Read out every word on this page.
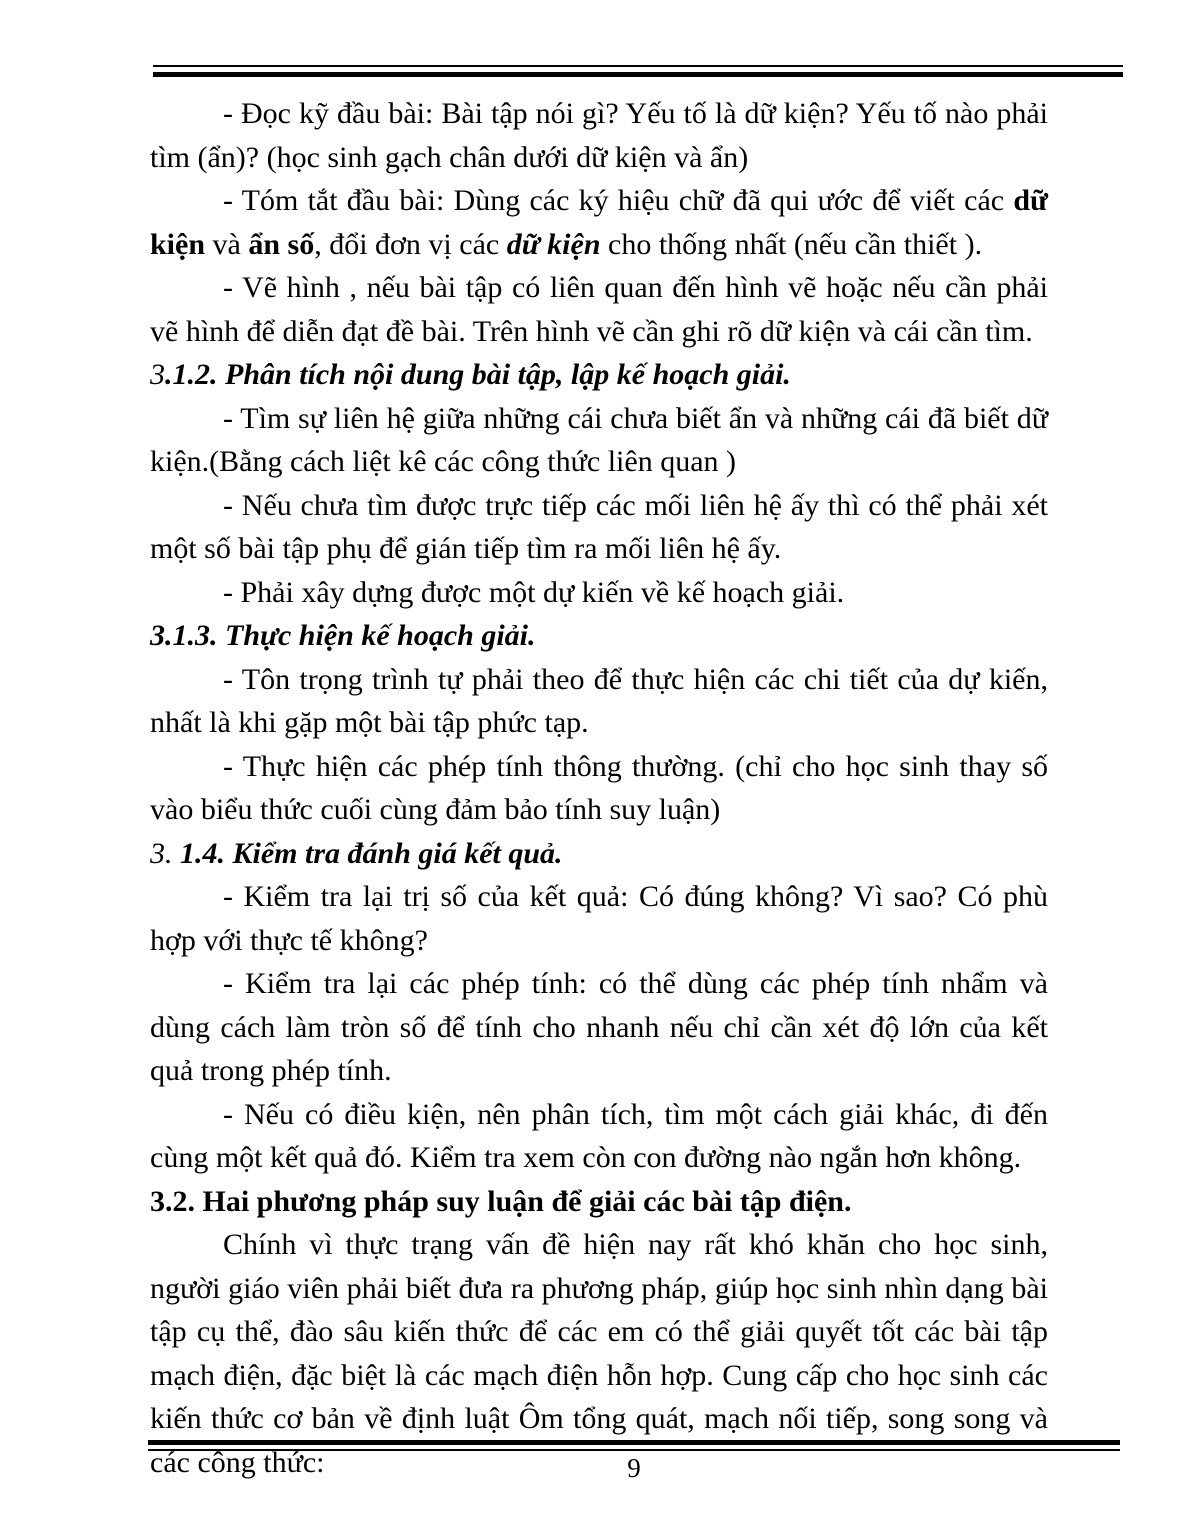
- Đọc kỹ đầu bài: Bài tập nói gì? Yếu tố là dữ kiện? Yếu tố nào phải tìm (ẩn)? (học sinh gạch chân dưới dữ kiện và ẩn)

- Tóm tắt đầu bài: Dùng các ký hiệu chữ đã qui ước để viết các dữ kiện và ẩn số, đổi đơn vị các dữ kiện cho thống nhất (nếu cần thiết ).

- Vẽ hình , nếu bài tập có liên quan đến hình vẽ hoặc nếu cần phải vẽ hình để diễn đạt đề bài. Trên hình vẽ cần ghi rõ dữ kiện và cái cần tìm.

3.1.2. Phân tích nội dung bài tập, lập kế hoạch giải.

- Tìm sự liên hệ giữa những cái chưa biết ẩn và những cái đã biết dữ kiện.(Bằng cách liệt kê các công thức liên quan )

- Nếu chưa tìm được trực tiếp các mối liên hệ ấy thì có thể phải xét một số bài tập phụ để gián tiếp tìm ra mối liên hệ ấy.

- Phải xây dựng được một dự kiến về kế hoạch giải.

3.1.3. Thực hiện kế hoạch giải.

- Tôn trọng trình tự phải theo để thực hiện các chi tiết của dự kiến, nhất là khi gặp một bài tập phức tạp.

- Thực hiện các phép tính thông thường. (chỉ cho học sinh thay số vào biểu thức cuối cùng đảm bảo tính suy luận)

3. 1.4. Kiểm tra đánh giá kết quả.

- Kiểm tra lại trị số của kết quả: Có đúng không? Vì sao? Có phù hợp với thực tế không?

- Kiểm tra lại các phép tính: có thể dùng các phép tính nhẩm và dùng cách làm tròn số để tính cho nhanh nếu chỉ cần xét độ lớn của kết quả trong phép tính.

- Nếu có điều kiện, nên phân tích, tìm một cách giải khác, đi đến cùng một kết quả đó. Kiểm tra xem còn con đường nào ngắn hơn không.

3.2. Hai phương pháp suy luận để giải các bài tập điện.

Chính vì thực trạng vấn đề hiện nay rất khó khăn cho học sinh, người giáo viên phải biết đưa ra phương pháp, giúp học sinh nhìn dạng bài tập cụ thể, đào sâu kiến thức để các em có thể giải quyết tốt các bài tập mạch điện, đặc biệt là các mạch điện hỗn hợp. Cung cấp cho học sinh các kiến thức cơ bản về định luật Ôm tổng quát, mạch nối tiếp, song song và các công thức:	9
